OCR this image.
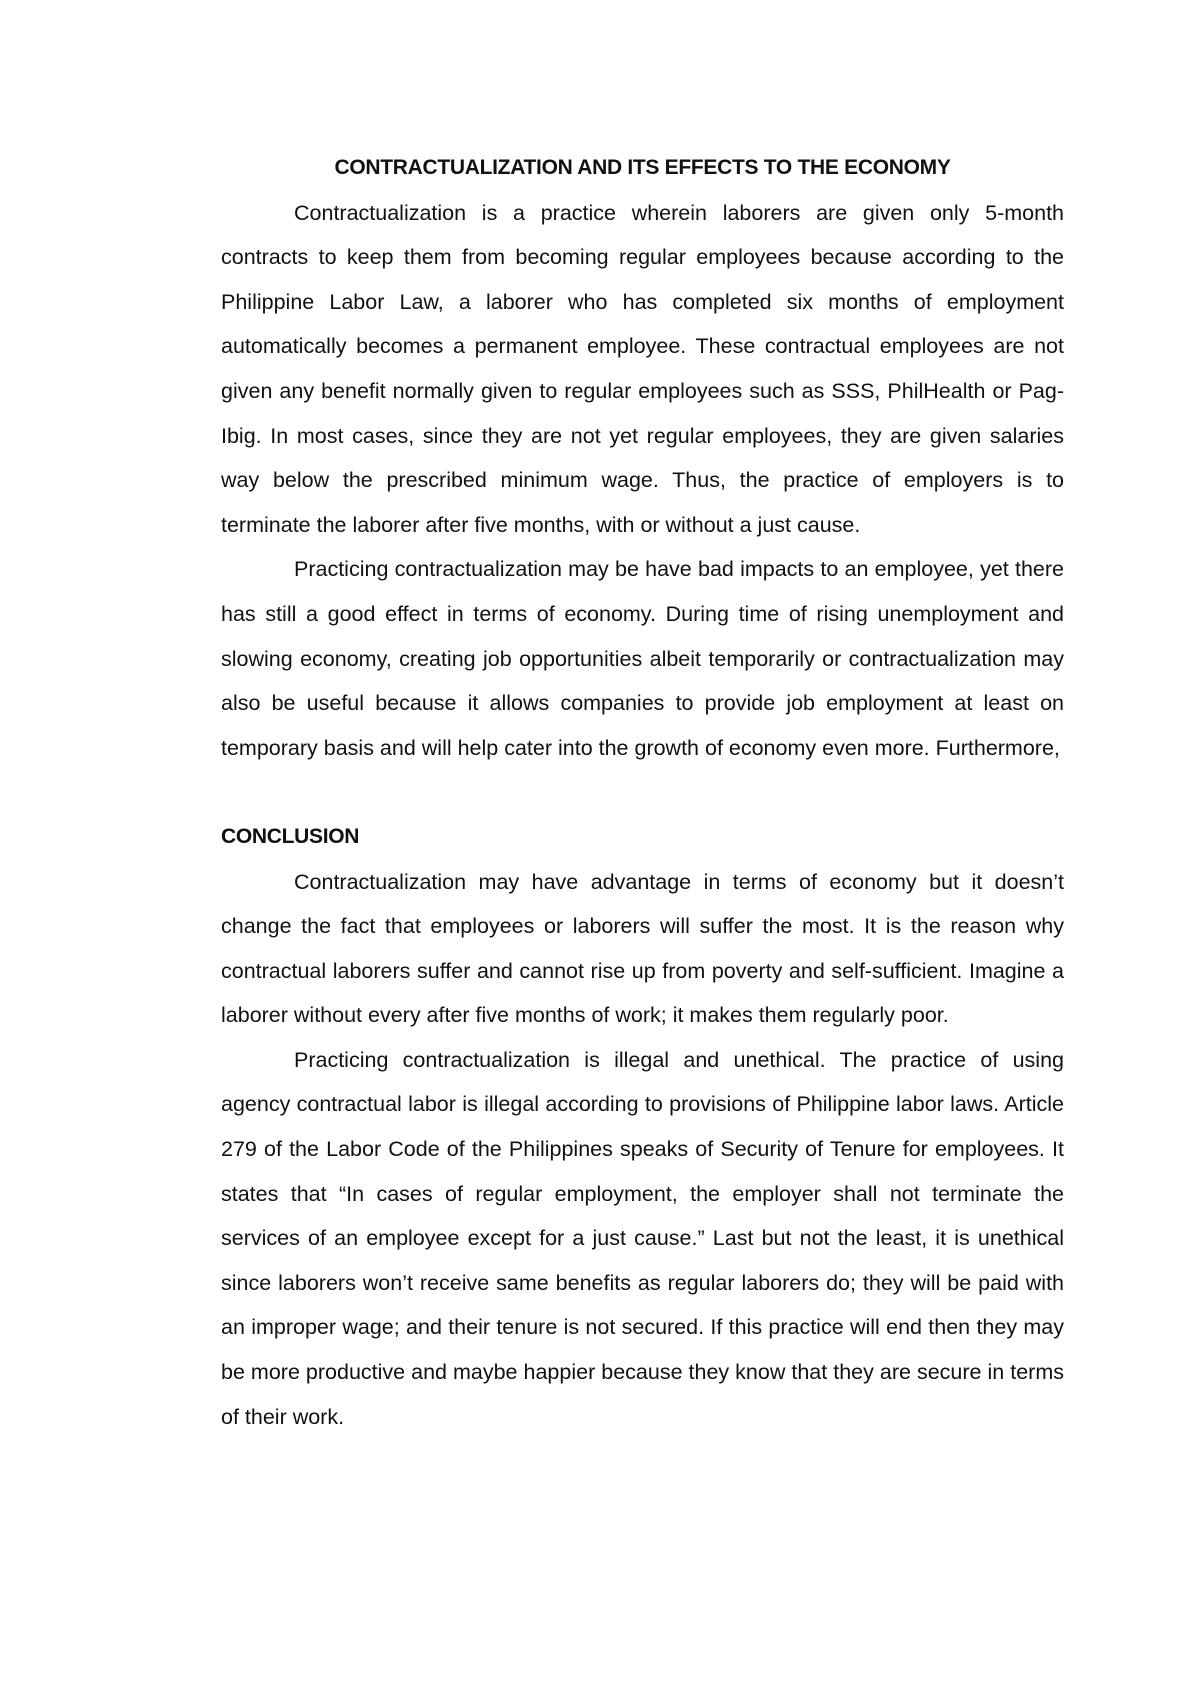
CONTRACTUALIZATION AND ITS EFFECTS TO THE ECONOMY

Contractualization is a practice wherein laborers are given only 5-month contracts to keep them from becoming regular employees because according to the Philippine Labor Law, a laborer who has completed six months of employment automatically becomes a permanent employee. These contractual employees are not given any benefit normally given to regular employees such as SSS, PhilHealth or Pag-Ibig. In most cases, since they are not yet regular employees, they are given salaries way below the prescribed minimum wage. Thus, the practice of employers is to terminate the laborer after five months, with or without a just cause.

Practicing contractualization may be have bad impacts to an employee, yet there has still a good effect in terms of economy. During time of rising unemployment and slowing economy, creating job opportunities albeit temporarily or contractualization may also be useful because it allows companies to provide job employment at least on temporary basis and will help cater into the growth of economy even more. Furthermore,

CONCLUSION

Contractualization may have advantage in terms of economy but it doesn’t change the fact that employees or laborers will suffer the most. It is the reason why contractual laborers suffer and cannot rise up from poverty and self-sufficient. Imagine a laborer without every after five months of work; it makes them regularly poor.

Practicing contractualization is illegal and unethical. The practice of using agency contractual labor is illegal according to provisions of Philippine labor laws. Article 279 of the Labor Code of the Philippines speaks of Security of Tenure for employees. It states that “In cases of regular employment, the employer shall not terminate the services of an employee except for a just cause.” Last but not the least, it is unethical since laborers won’t receive same benefits as regular laborers do; they will be paid with an improper wage; and their tenure is not secured. If this practice will end then they may be more productive and maybe happier because they know that they are secure in terms of their work.
